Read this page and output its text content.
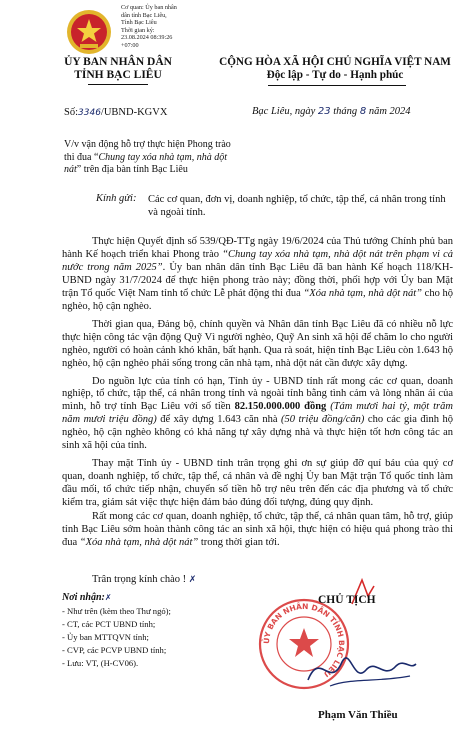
Cơ quan: Ủy ban nhân
dân tỉnh Bạc Liêu,
Tỉnh Bạc Liêu
Thời gian ký:
23.08.2024 08:39:26
+07:00
ỦY BAN NHÂN DÂN
TỈNH BẠC LIÊU
CỘNG HÒA XÃ HỘI CHỦ NGHĨA VIỆT NAM
Độc lập - Tự do - Hạnh phúc
Số:3346/UBND-KGVX	Bạc Liêu, ngày 23 tháng 8 năm 2024
V/v vận động hỗ trợ thực hiện Phong trào thi đua “Chung tay xóa nhà tạm, nhà dột nát” trên địa bàn tỉnh Bạc Liêu
Kính gửi: Các cơ quan, đơn vị, doanh nghiệp, tổ chức, tập thể, cá nhân trong tỉnh và ngoài tỉnh.

Thực hiện Quyết định số 539/QĐ-TTg ngày 19/6/2024 của Thủ tướng Chính phủ ban hành Kế hoạch triển khai Phong trào “Chung tay xóa nhà tạm, nhà dột nát trên phạm vi cả nước trong năm 2025”. Ủy ban nhân dân tỉnh Bạc Liêu đã ban hành Kế hoạch 118/KH-UBND ngày 31/7/2024 để thực hiện phong trào này; đồng thời, phối hợp với Ủy ban Mặt trận Tổ quốc Việt Nam tỉnh tổ chức Lễ phát động thi đua “Xóa nhà tạm, nhà dột nát” cho hộ nghèo, hộ cận nghèo.

Thời gian qua, Đảng bộ, chính quyền và Nhân dân tỉnh Bạc Liêu đã có nhiều nỗ lực thực hiện công tác vận động Quỹ Vì người nghèo, Quỹ An sinh xã hội để chăm lo cho người nghèo, người có hoàn cảnh khó khăn, bất hạnh. Qua rà soát, hiện tỉnh Bạc Liêu còn 1.643 hộ nghèo, hộ cận nghèo phải sống trong căn nhà tạm, nhà dột nát cần được xây dựng.

Do nguồn lực của tỉnh có hạn, Tỉnh ủy - UBND tỉnh rất mong các cơ quan, doanh nghiệp, tổ chức, tập thể, cá nhân trong tỉnh và ngoài tỉnh bằng tình cảm và lòng nhân ái của mình, hỗ trợ tỉnh Bạc Liêu với số tiền 82.150.000.000 đồng (Tám mươi hai tỷ, một trăm năm mươi triệu đồng) để xây dựng 1.643 căn nhà (50 triệu đồng/căn) cho các gia đình hộ nghèo, hộ cận nghèo không có khả năng tự xây dựng nhà và thực hiện tốt hơn công tác an sinh xã hội của tỉnh.

Thay mặt Tỉnh ủy - UBND tỉnh trân trọng ghi ơn sự giúp đỡ quí báu của quý cơ quan, doanh nghiệp, tổ chức, tập thể, cá nhân và đề nghị Ủy ban Mặt trận Tổ quốc tỉnh làm đầu mối, tổ chức tiếp nhận, chuyển số tiền hỗ trợ nêu trên đến các địa phương và tổ chức kiểm tra, giám sát việc thực hiện đảm bảo đúng đối tượng, đúng quy định.

Rất mong các cơ quan, doanh nghiệp, tổ chức, tập thể, cá nhân quan tâm, hỗ trợ, giúp tỉnh Bạc Liêu sớm hoàn thành công tác an sinh xã hội, thực hiện có hiệu quả phong trào thi đua “Xóa nhà tạm, nhà dột nát” trong thời gian tới.

Trân trọng kính chào ! ✗
Nơi nhận:✗
- Như trên (kèm theo Thư ngỏ);
- CT, các PCT UBND tỉnh;
- Ủy ban MTTQVN tỉnh;
- CVP, các PCVP UBND tỉnh;
- Lưu: VT, (H-CV06).
ỦY BAN NHÂN DÂN TỈNH BẠC LIÊU
CHỦ TỊCH
Phạm Văn Thiều
